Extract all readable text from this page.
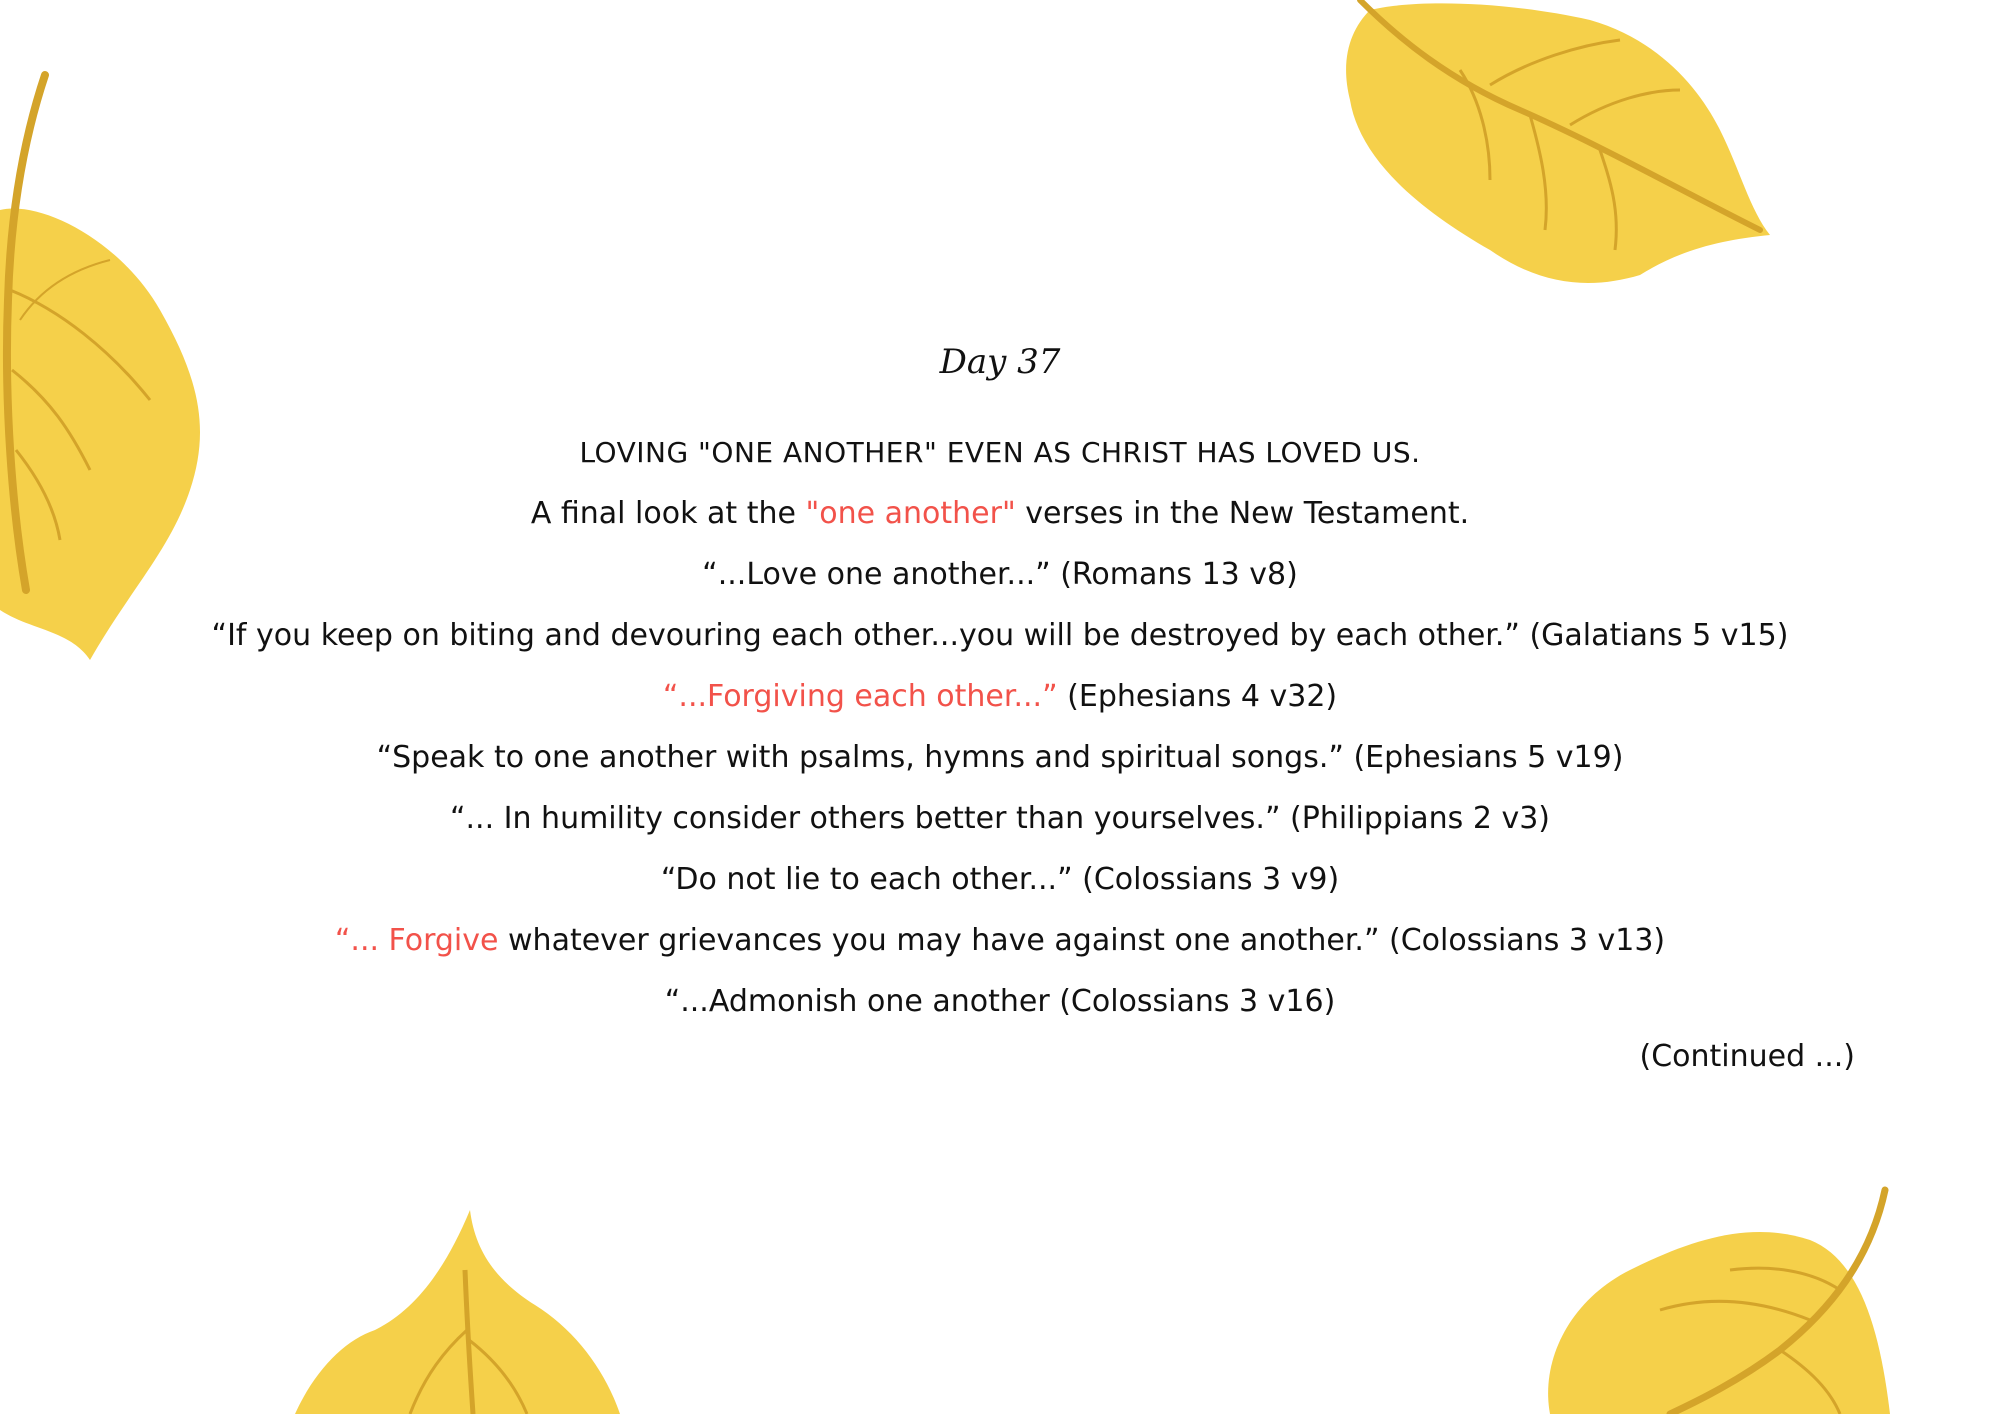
Day 37
LOVING "ONE ANOTHER" EVEN AS CHRIST HAS LOVED US.
A final look at the "one another" verses in the New Testament.
“...Love one another...” (Romans 13 v8)
“If you keep on biting and devouring each other...you will be destroyed by each other.” (Galatians 5 v15)
“...Forgiving each other...” (Ephesians 4 v32)
“Speak to one another with psalms, hymns and spiritual songs.” (Ephesians 5 v19)
“... In humility consider others better than yourselves.” (Philippians 2 v3)
“Do not lie to each other...” (Colossians 3 v9)
“... Forgive whatever grievances you may have against one another.” (Colossians 3 v13)
“...Admonish one another (Colossians 3 v16)
(Continued ...)
